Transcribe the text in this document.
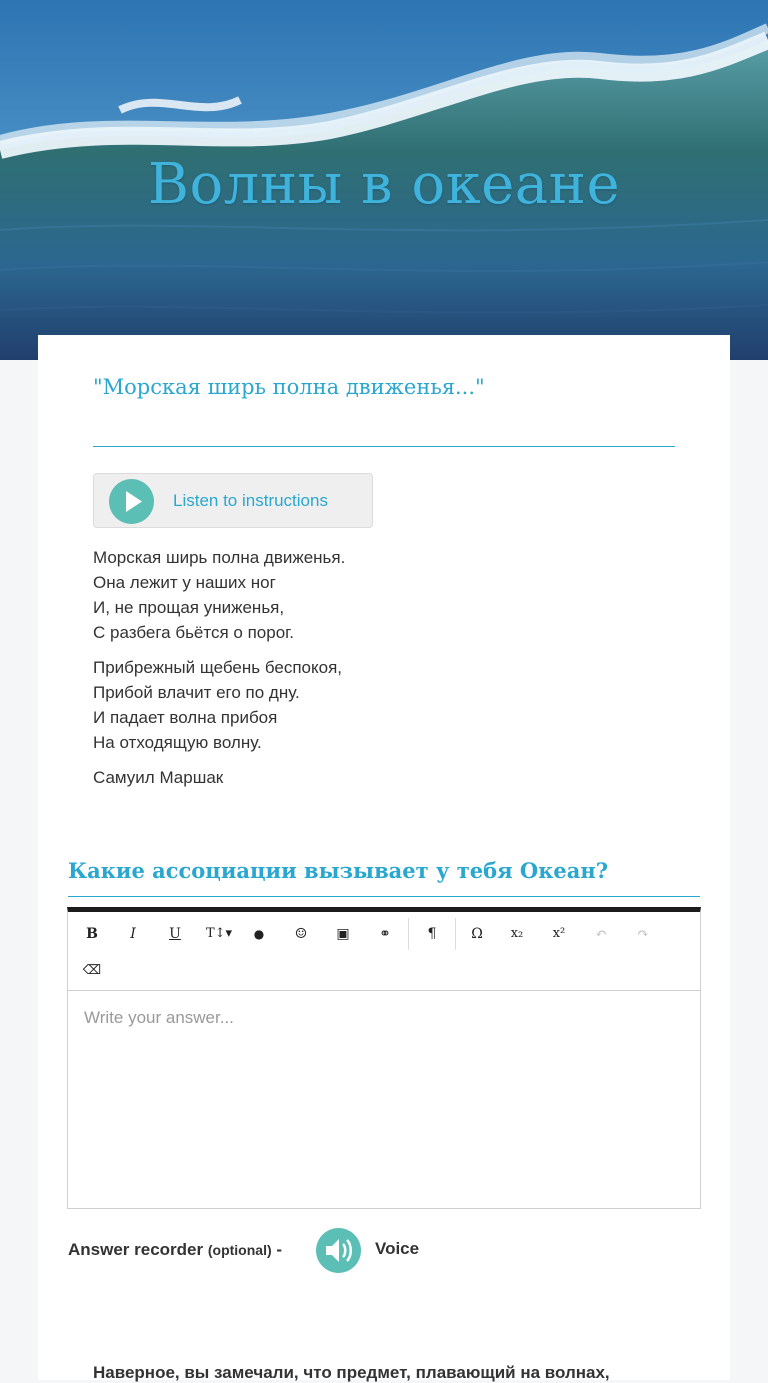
Волны в океане
"Морская ширь полна движенья..."
Listen to instructions
Морская ширь полна движенья.
Она лежит у наших ног
И, не прощая униженья,
С разбега бьётся о порог.
Прибрежный щебень беспокоя,
Прибой влачит его по дну.
И падает волна прибоя
На отходящую волну.
Самуил Маршак
Какие ассоциации вызывает у тебя Океан?
B	I	U	T↕▾	●	☺	▣	⚭	¶	Ω	x₂	x²	↶	↷
⌫
Write your answer...
Answer recorder (optional) -	Voice
Наверное, вы замечали, что предмет, плавающий на волнах,
